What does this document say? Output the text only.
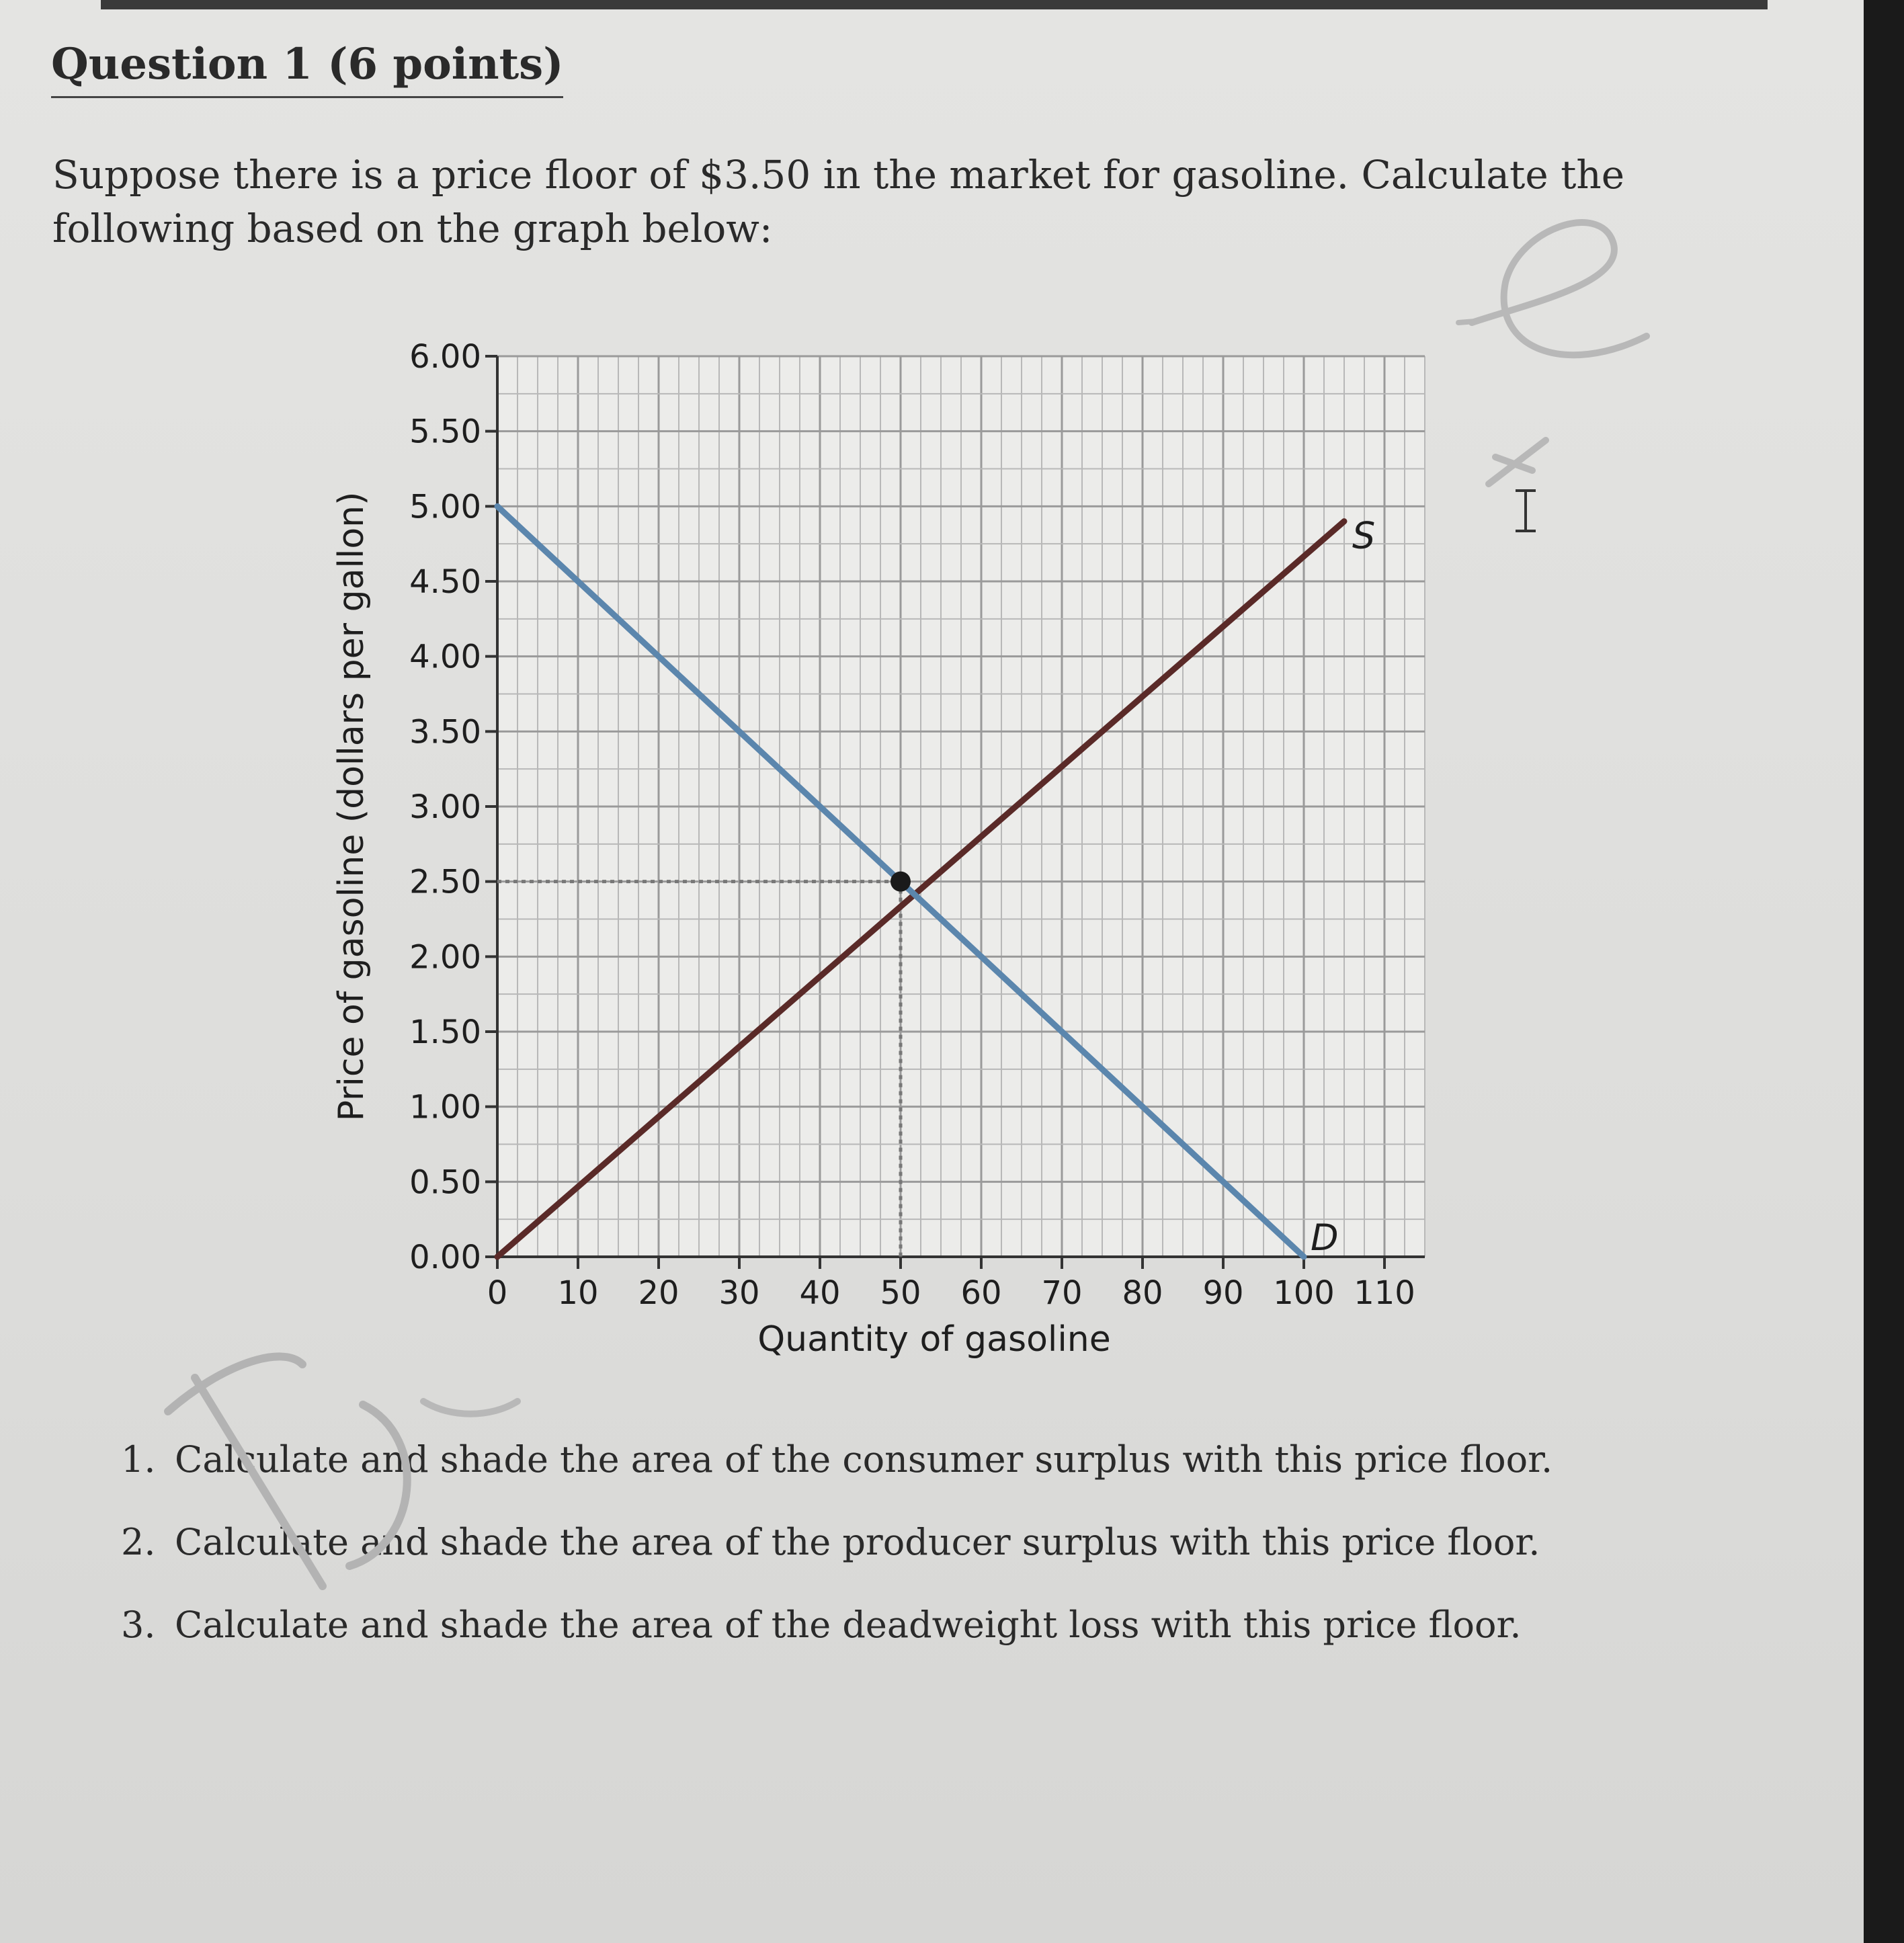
Question 1 (6 points)
Suppose there is a price floor of $3.50 in the market for gasoline. Calculate the following based on the graph below:
0.00
0.50
1.00
1.50
2.00
2.50
3.00
3.50
4.00
4.50
5.00
5.50
6.00
0 10 20 30 40 50 60 70 80 90 100 110
Price of gasoline (dollars per gallon)
Quantity of gasoline
S
D
1. Calculate and shade the area of the consumer surplus with this price floor.
2. Calculate and shade the area of the producer surplus with this price floor.
3. Calculate and shade the area of the deadweight loss with this price floor.
